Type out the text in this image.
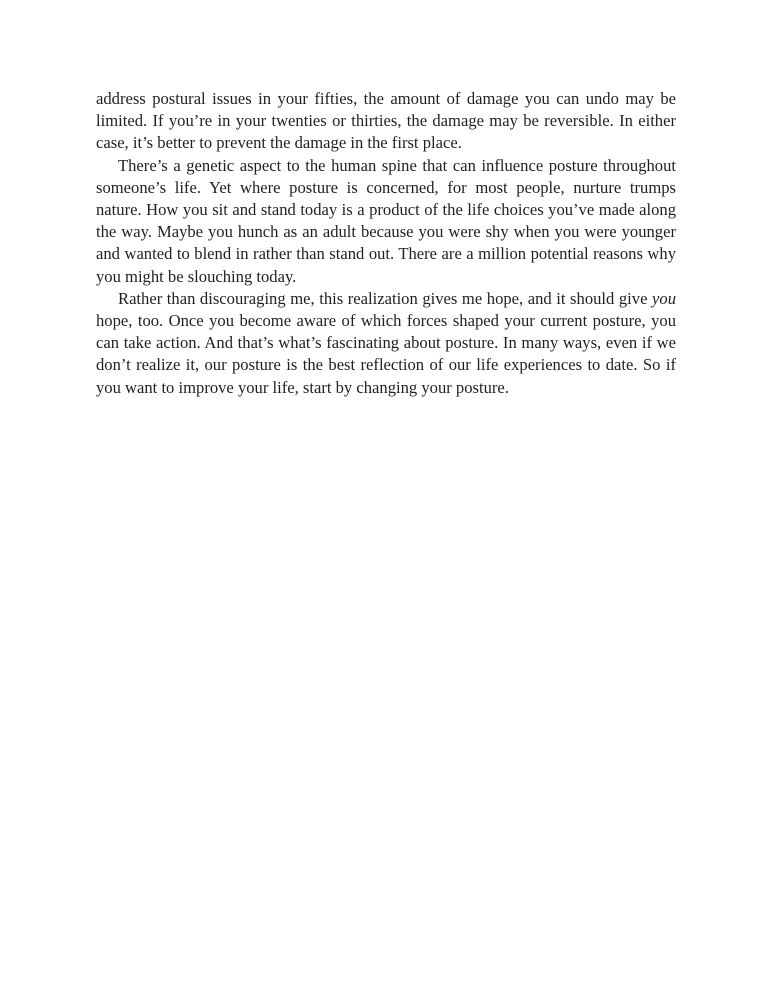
address postural issues in your fifties, the amount of damage you can undo may be limited. If you’re in your twenties or thirties, the damage may be reversible. In either case, it’s better to prevent the damage in the first place.

There’s a genetic aspect to the human spine that can influence posture throughout someone’s life. Yet where posture is concerned, for most people, nurture trumps nature. How you sit and stand today is a product of the life choices you’ve made along the way. Maybe you hunch as an adult because you were shy when you were younger and wanted to blend in rather than stand out. There are a million potential reasons why you might be slouching today.

Rather than discouraging me, this realization gives me hope, and it should give you hope, too. Once you become aware of which forces shaped your current posture, you can take action. And that’s what’s fascinating about posture. In many ways, even if we don’t realize it, our posture is the best reflection of our life experiences to date. So if you want to improve your life, start by changing your posture.
